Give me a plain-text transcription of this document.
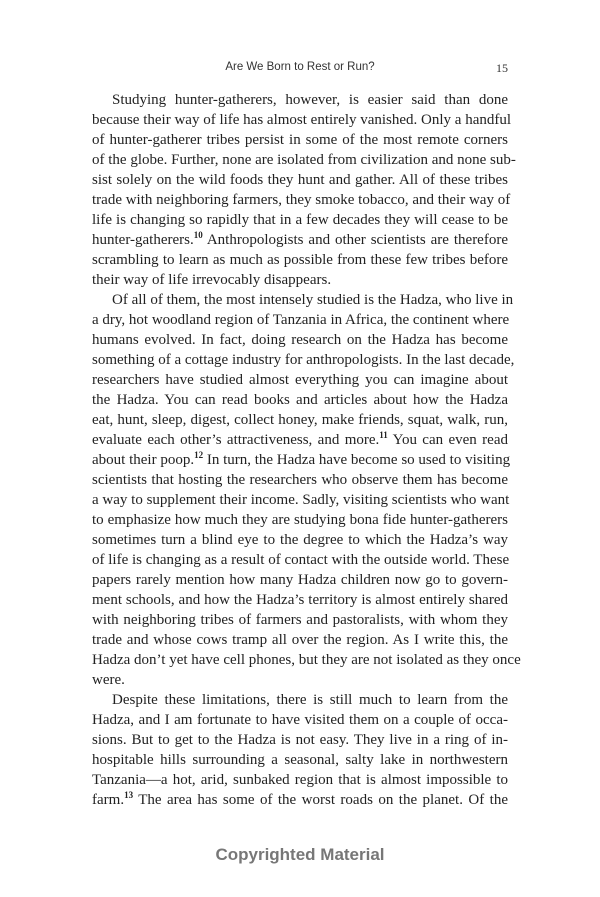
Are We Born to Rest or Run?	15
Studying hunter-gatherers, however, is easier said than done
because their way of life has almost entirely vanished. Only a handful
of hunter-gatherer tribes persist in some of the most remote corners
of the globe. Further, none are isolated from civilization and none sub-
sist solely on the wild foods they hunt and gather. All of these tribes
trade with neighboring farmers, they smoke tobacco, and their way of
life is changing so rapidly that in a few decades they will cease to be
hunter-gatherers.$^{10}$ Anthropologists and other scientists are therefore
scrambling to learn as much as possible from these few tribes before
their way of life irrevocably disappears.
Of all of them, the most intensely studied is the Hadza, who live in
a dry, hot woodland region of Tanzania in Africa, the continent where
humans evolved. In fact, doing research on the Hadza has become
something of a cottage industry for anthropologists. In the last decade,
researchers have studied almost everything you can imagine about
the Hadza. You can read books and articles about how the Hadza
eat, hunt, sleep, digest, collect honey, make friends, squat, walk, run,
evaluate each other’s attractiveness, and more.$^{11}$ You can even read
about their poop.$^{12}$ In turn, the Hadza have become so used to visiting
scientists that hosting the researchers who observe them has become
a way to supplement their income. Sadly, visiting scientists who want
to emphasize how much they are studying bona fide hunter-gatherers
sometimes turn a blind eye to the degree to which the Hadza’s way
of life is changing as a result of contact with the outside world. These
papers rarely mention how many Hadza children now go to govern-
ment schools, and how the Hadza’s territory is almost entirely shared
with neighboring tribes of farmers and pastoralists, with whom they
trade and whose cows tramp all over the region. As I write this, the
Hadza don’t yet have cell phones, but they are not isolated as they once
were.
Despite these limitations, there is still much to learn from the
Hadza, and I am fortunate to have visited them on a couple of occa-
sions. But to get to the Hadza is not easy. They live in a ring of in-
hospitable hills surrounding a seasonal, salty lake in northwestern
Tanzania—a hot, arid, sunbaked region that is almost impossible to
farm.$^{13}$ The area has some of the worst roads on the planet. Of the
Copyrighted Material
